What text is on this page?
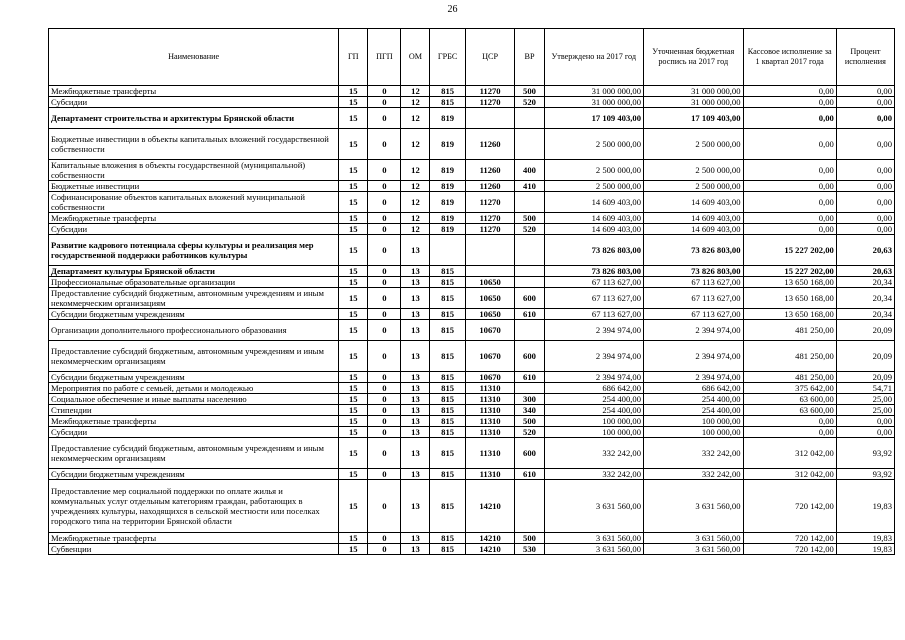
26
Наименование	ГП	ПГП	ОМ	ГРБС	ЦСР	ВР	Утверждено на 2017 год	Уточненная бюджетная роспись на 2017 год	Кассовое исполнение за 1 квартал 2017 года	Процент исполнения
Межбюджетные трансферты	15	0	12	815	11270	500	31 000 000,00	31 000 000,00	0,00	0,00
Субсидии	15	0	12	815	11270	520	31 000 000,00	31 000 000,00	0,00	0,00
Департамент строительства и архитектуры Брянской области	15	0	12	819			17 109 403,00	17 109 403,00	0,00	0,00
Бюджетные инвестиции в объекты капитальных вложений государственной собственности	15	0	12	819	11260		2 500 000,00	2 500 000,00	0,00	0,00
Капитальные вложения в объекты государственной (муниципальной) собственности	15	0	12	819	11260	400	2 500 000,00	2 500 000,00	0,00	0,00
Бюджетные инвестиции	15	0	12	819	11260	410	2 500 000,00	2 500 000,00	0,00	0,00
Софинансирование объектов капитальных вложений муниципальной собственности	15	0	12	819	11270		14 609 403,00	14 609 403,00	0,00	0,00
Межбюджетные трансферты	15	0	12	819	11270	500	14 609 403,00	14 609 403,00	0,00	0,00
Субсидии	15	0	12	819	11270	520	14 609 403,00	14 609 403,00	0,00	0,00
Развитие кадрового потенциала сферы культуры и реализация мер государственной поддержки работников культуры	15	0	13				73 826 803,00	73 826 803,00	15 227 202,00	20,63
Департамент культуры Брянской области	15	0	13	815			73 826 803,00	73 826 803,00	15 227 202,00	20,63
Профессиональные образовательные организации	15	0	13	815	10650		67 113 627,00	67 113 627,00	13 650 168,00	20,34
Предоставление субсидий бюджетным, автономным учреждениям и иным некоммерческим организациям	15	0	13	815	10650	600	67 113 627,00	67 113 627,00	13 650 168,00	20,34
Субсидии бюджетным учреждениям	15	0	13	815	10650	610	67 113 627,00	67 113 627,00	13 650 168,00	20,34
Организации дополнительного профессионального образования	15	0	13	815	10670		2 394 974,00	2 394 974,00	481 250,00	20,09
Предоставление субсидий бюджетным, автономным учреждениям и иным некоммерческим организациям	15	0	13	815	10670	600	2 394 974,00	2 394 974,00	481 250,00	20,09
Субсидии бюджетным учреждениям	15	0	13	815	10670	610	2 394 974,00	2 394 974,00	481 250,00	20,09
Мероприятия по работе с семьей, детьми и молодежью	15	0	13	815	11310		686 642,00	686 642,00	375 642,00	54,71
Социальное обеспечение и иные выплаты населению	15	0	13	815	11310	300	254 400,00	254 400,00	63 600,00	25,00
Стипендии	15	0	13	815	11310	340	254 400,00	254 400,00	63 600,00	25,00
Межбюджетные трансферты	15	0	13	815	11310	500	100 000,00	100 000,00	0,00	0,00
Субсидии	15	0	13	815	11310	520	100 000,00	100 000,00	0,00	0,00
Предоставление субсидий бюджетным, автономным учреждениям и иным некоммерческим организациям	15	0	13	815	11310	600	332 242,00	332 242,00	312 042,00	93,92
Субсидии бюджетным учреждениям	15	0	13	815	11310	610	332 242,00	332 242,00	312 042,00	93,92
Предоставление мер социальной поддержки по оплате жилья и коммунальных услуг отдельным категориям граждан, работающих в учреждениях культуры, находящихся в сельской местности или поселках городского типа на территории Брянской области	15	0	13	815	14210		3 631 560,00	3 631 560,00	720 142,00	19,83
Межбюджетные трансферты	15	0	13	815	14210	500	3 631 560,00	3 631 560,00	720 142,00	19,83
Субвенции	15	0	13	815	14210	530	3 631 560,00	3 631 560,00	720 142,00	19,83
